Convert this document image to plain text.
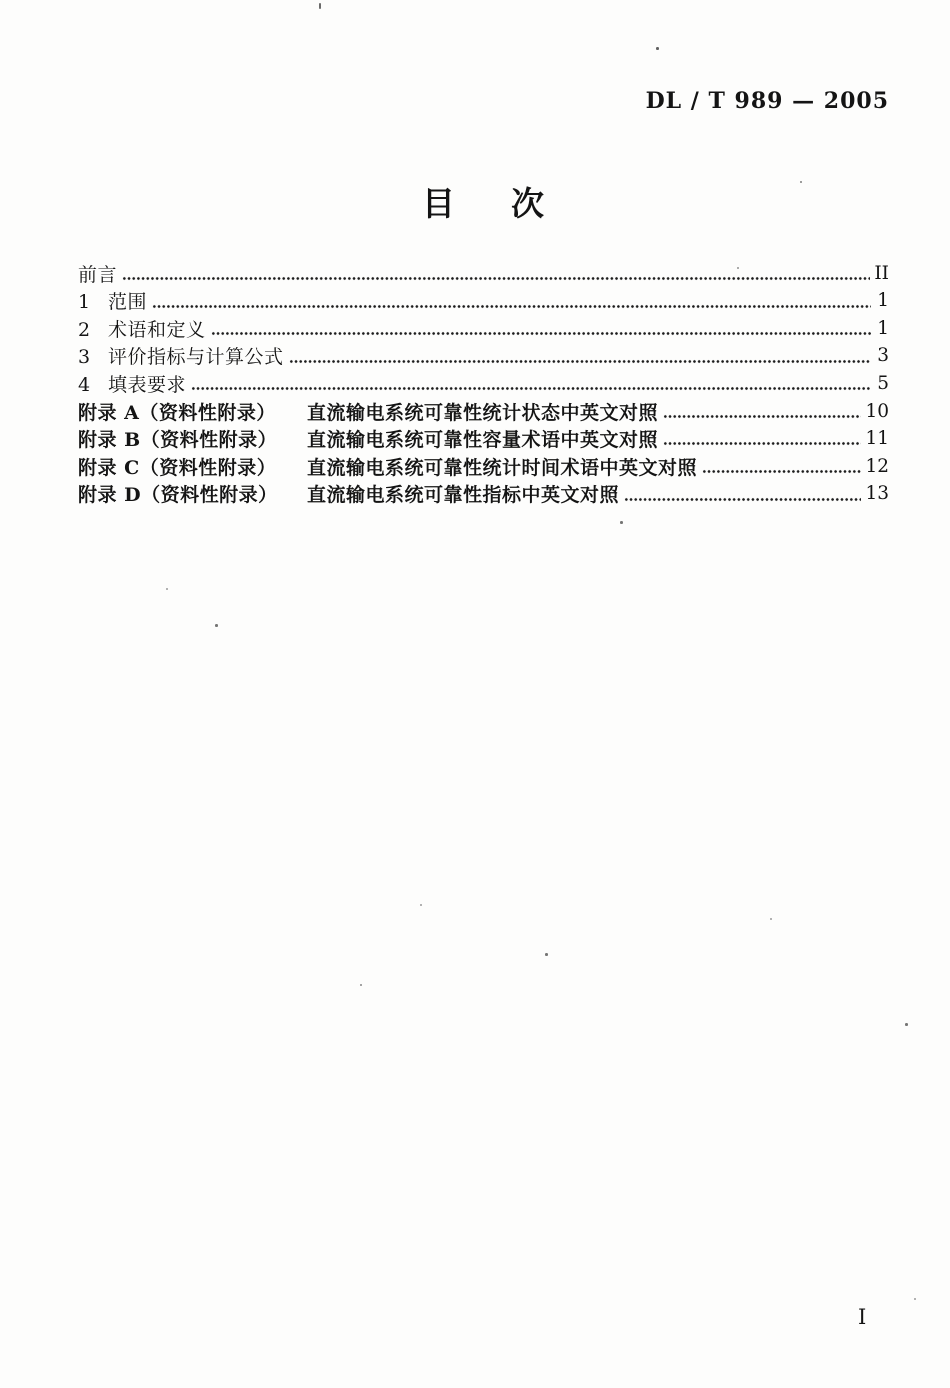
DL / T 989 — 2005
目 次
前言	II
1 范围	1
2 术语和定义	1
3 评价指标与计算公式	3
4 填表要求	5
附录 A（资料性附录）	直流输电系统可靠性统计状态中英文对照	10
附录 B（资料性附录）	直流输电系统可靠性容量术语中英文对照	11
附录 C（资料性附录）	直流输电系统可靠性统计时间术语中英文对照	12
附录 D（资料性附录）	直流输电系统可靠性指标中英文对照	13
I
